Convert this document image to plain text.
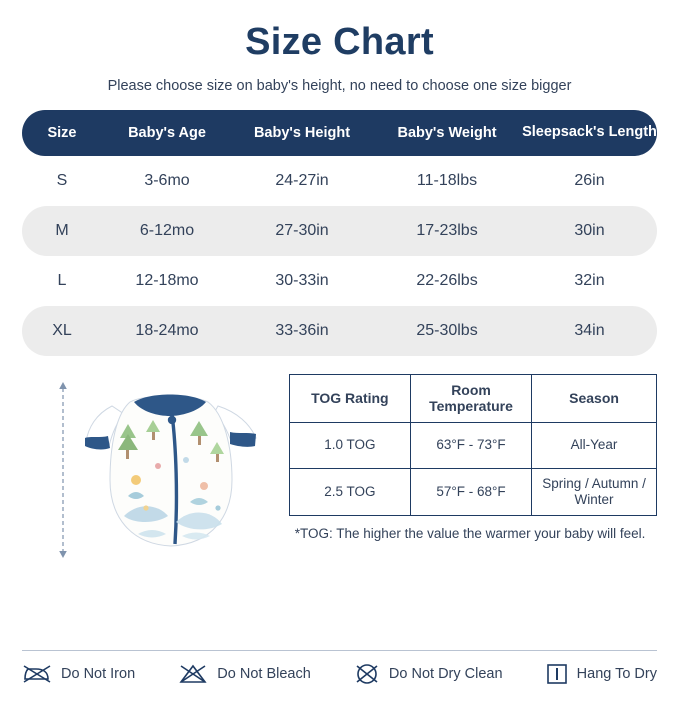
Size Chart
Please choose size on baby's height, no need to choose one size bigger
Size	Baby's Age	Baby's Height	Baby's Weight	Sleepsack's Length
S	3-6mo	24-27in	11-18lbs	26in
M	6-12mo	27-30in	17-23lbs	30in
L	12-18mo	30-33in	22-26lbs	32in
XL	18-24mo	33-36in	25-30lbs	34in
TOG Rating	Room Temperature	Season
1.0 TOG	63°F - 73°F	All-Year
2.5 TOG	57°F - 68°F	Spring / Autumn / Winter
*TOG: The higher the value the warmer your baby will feel.
Do Not Iron	Do Not Bleach	Do Not Dry Clean	Hang To Dry
